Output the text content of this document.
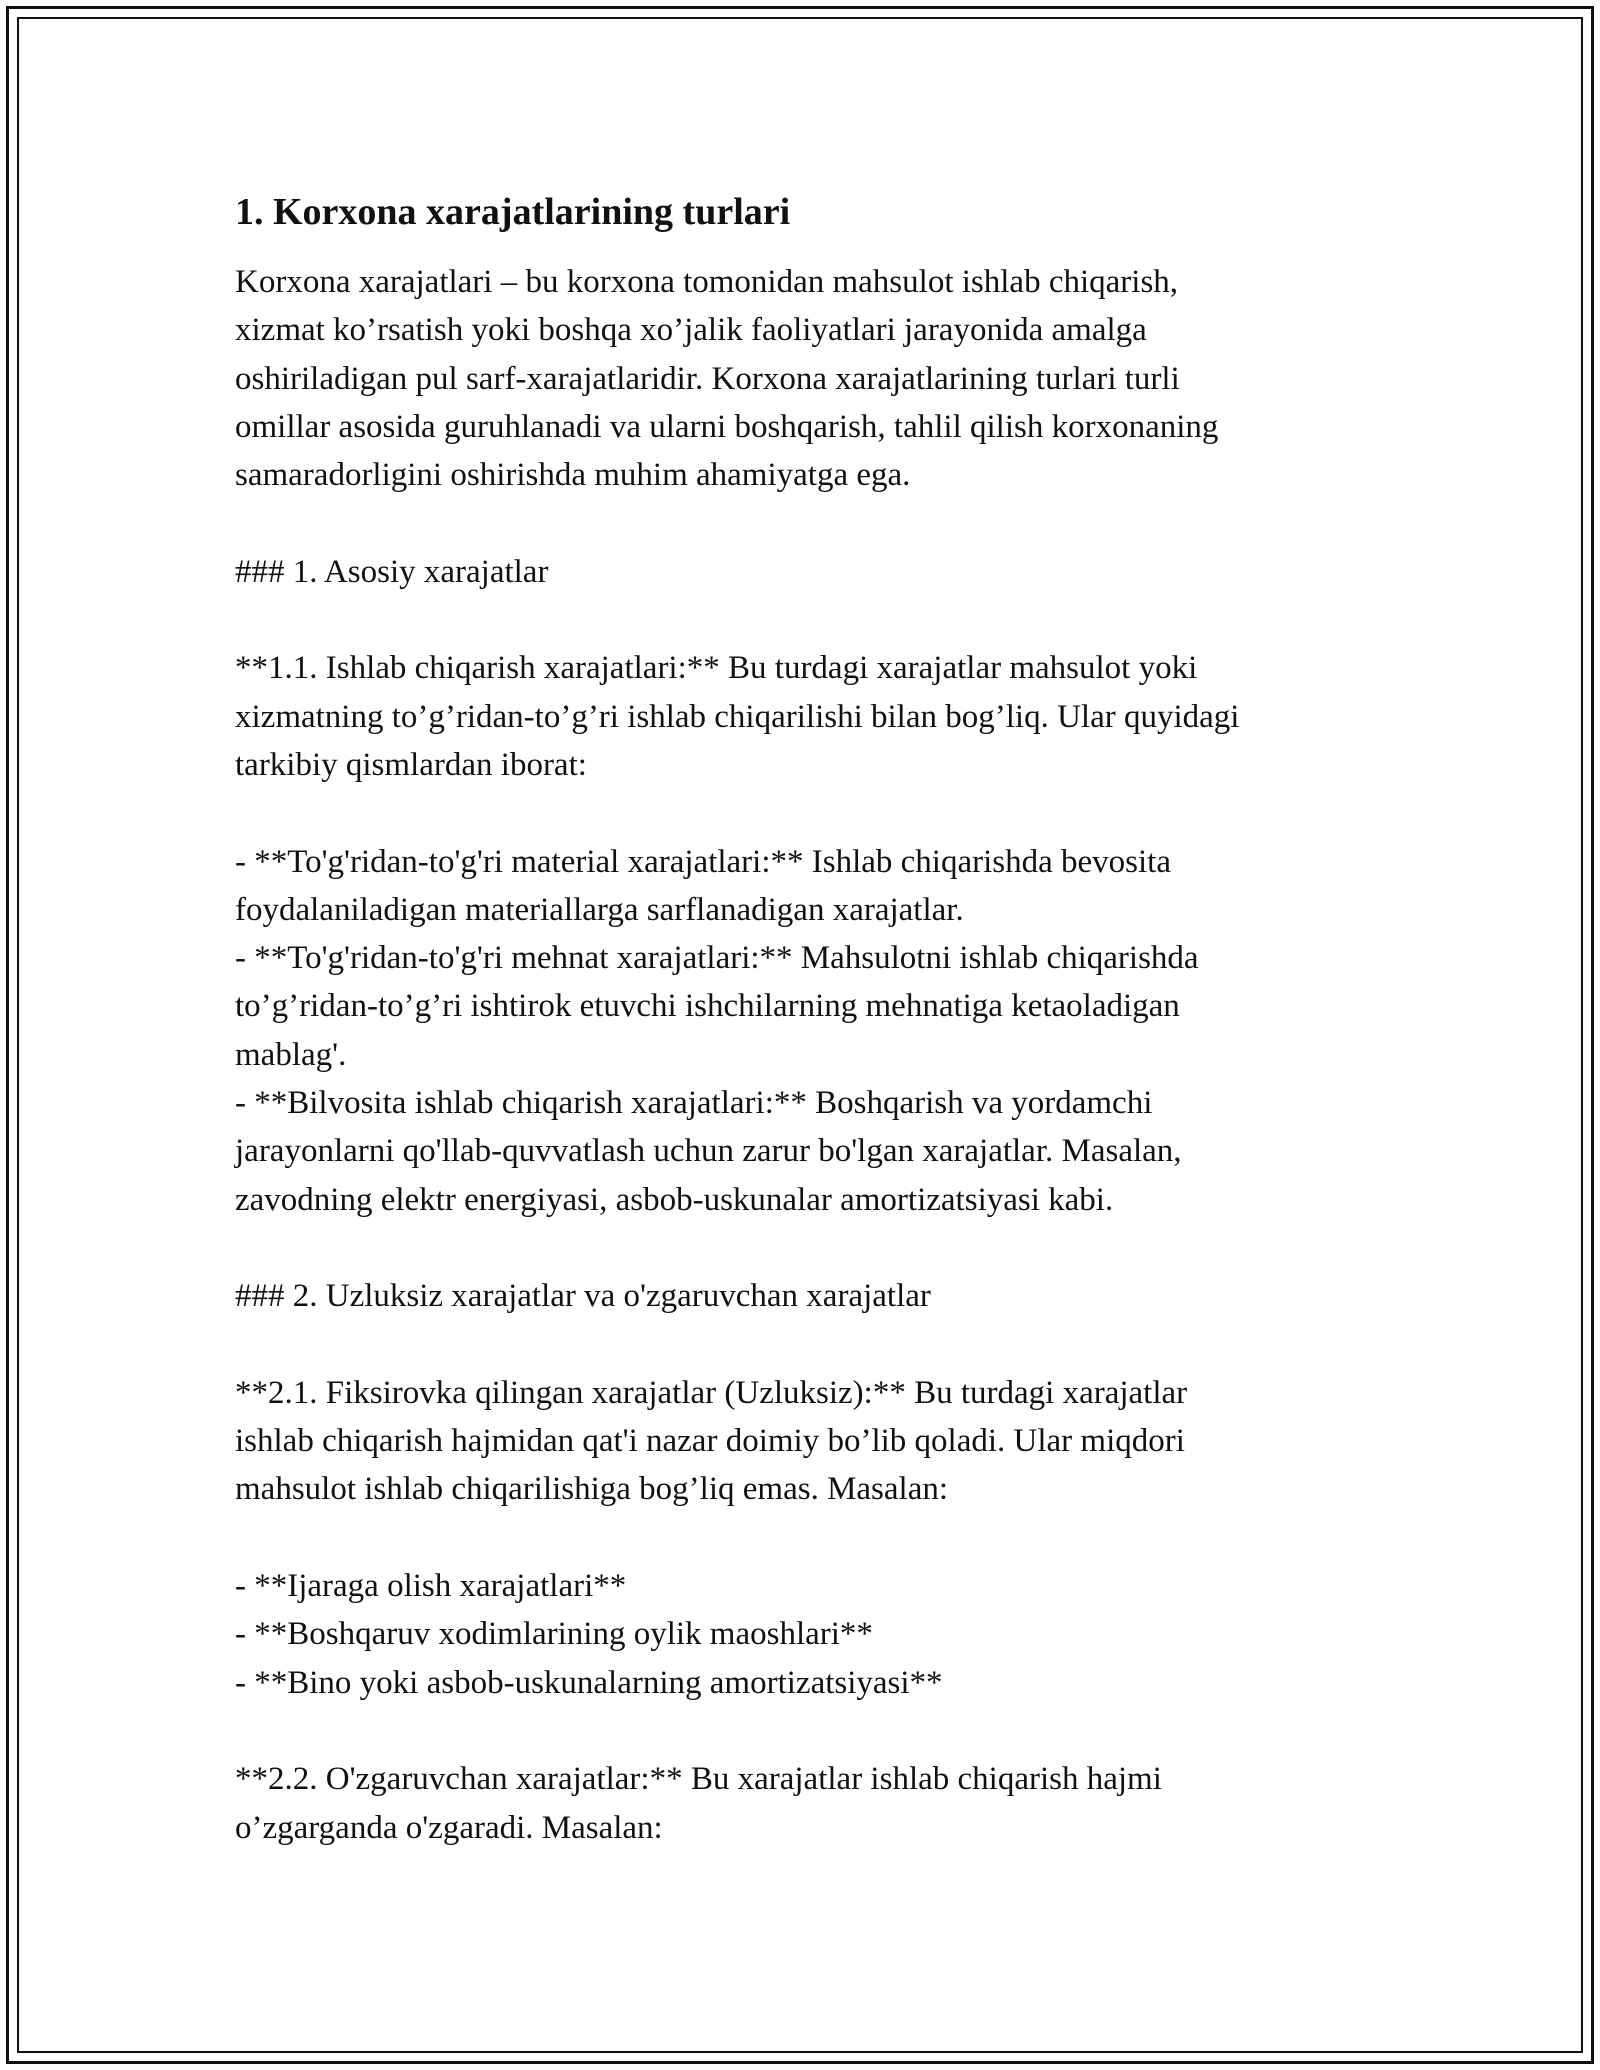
1. Korxona xarajatlarining turlari

Korxona xarajatlari – bu korxona tomonidan mahsulot ishlab chiqarish,
xizmat ko’rsatish yoki boshqa xo’jalik faoliyatlari jarayonida amalga
oshiriladigan pul sarf-xarajatlaridir. Korxona xarajatlarining turlari turli
omillar asosida guruhlanadi va ularni boshqarish, tahlil qilish korxonaning
samaradorligini oshirishda muhim ahamiyatga ega.

### 1. Asosiy xarajatlar

**1.1. Ishlab chiqarish xarajatlari:** Bu turdagi xarajatlar mahsulot yoki
xizmatning to’g’ridan-to’g’ri ishlab chiqarilishi bilan bog’liq. Ular quyidagi
tarkibiy qismlardan iborat:

- **To'g'ridan-to'g'ri material xarajatlari:** Ishlab chiqarishda bevosita
foydalaniladigan materiallarga sarflanadigan xarajatlar.
- **To'g'ridan-to'g'ri mehnat xarajatlari:** Mahsulotni ishlab chiqarishda
to’g’ridan-to’g’ri ishtirok etuvchi ishchilarning mehnatiga ketaoladigan
mablag'.
- **Bilvosita ishlab chiqarish xarajatlari:** Boshqarish va yordamchi
jarayonlarni qo'llab-quvvatlash uchun zarur bo'lgan xarajatlar. Masalan,
zavodning elektr energiyasi, asbob-uskunalar amortizatsiyasi kabi.

### 2. Uzluksiz xarajatlar va o'zgaruvchan xarajatlar

**2.1. Fiksirovka qilingan xarajatlar (Uzluksiz):** Bu turdagi xarajatlar
ishlab chiqarish hajmidan qat'i nazar doimiy bo’lib qoladi. Ular miqdori
mahsulot ishlab chiqarilishiga bog’liq emas. Masalan:

- **Ijaraga olish xarajatlari**
- **Boshqaruv xodimlarining oylik maoshlari**
- **Bino yoki asbob-uskunalarning amortizatsiyasi**

**2.2. O'zgaruvchan xarajatlar:** Bu xarajatlar ishlab chiqarish hajmi
o’zgarganda o'zgaradi. Masalan:
